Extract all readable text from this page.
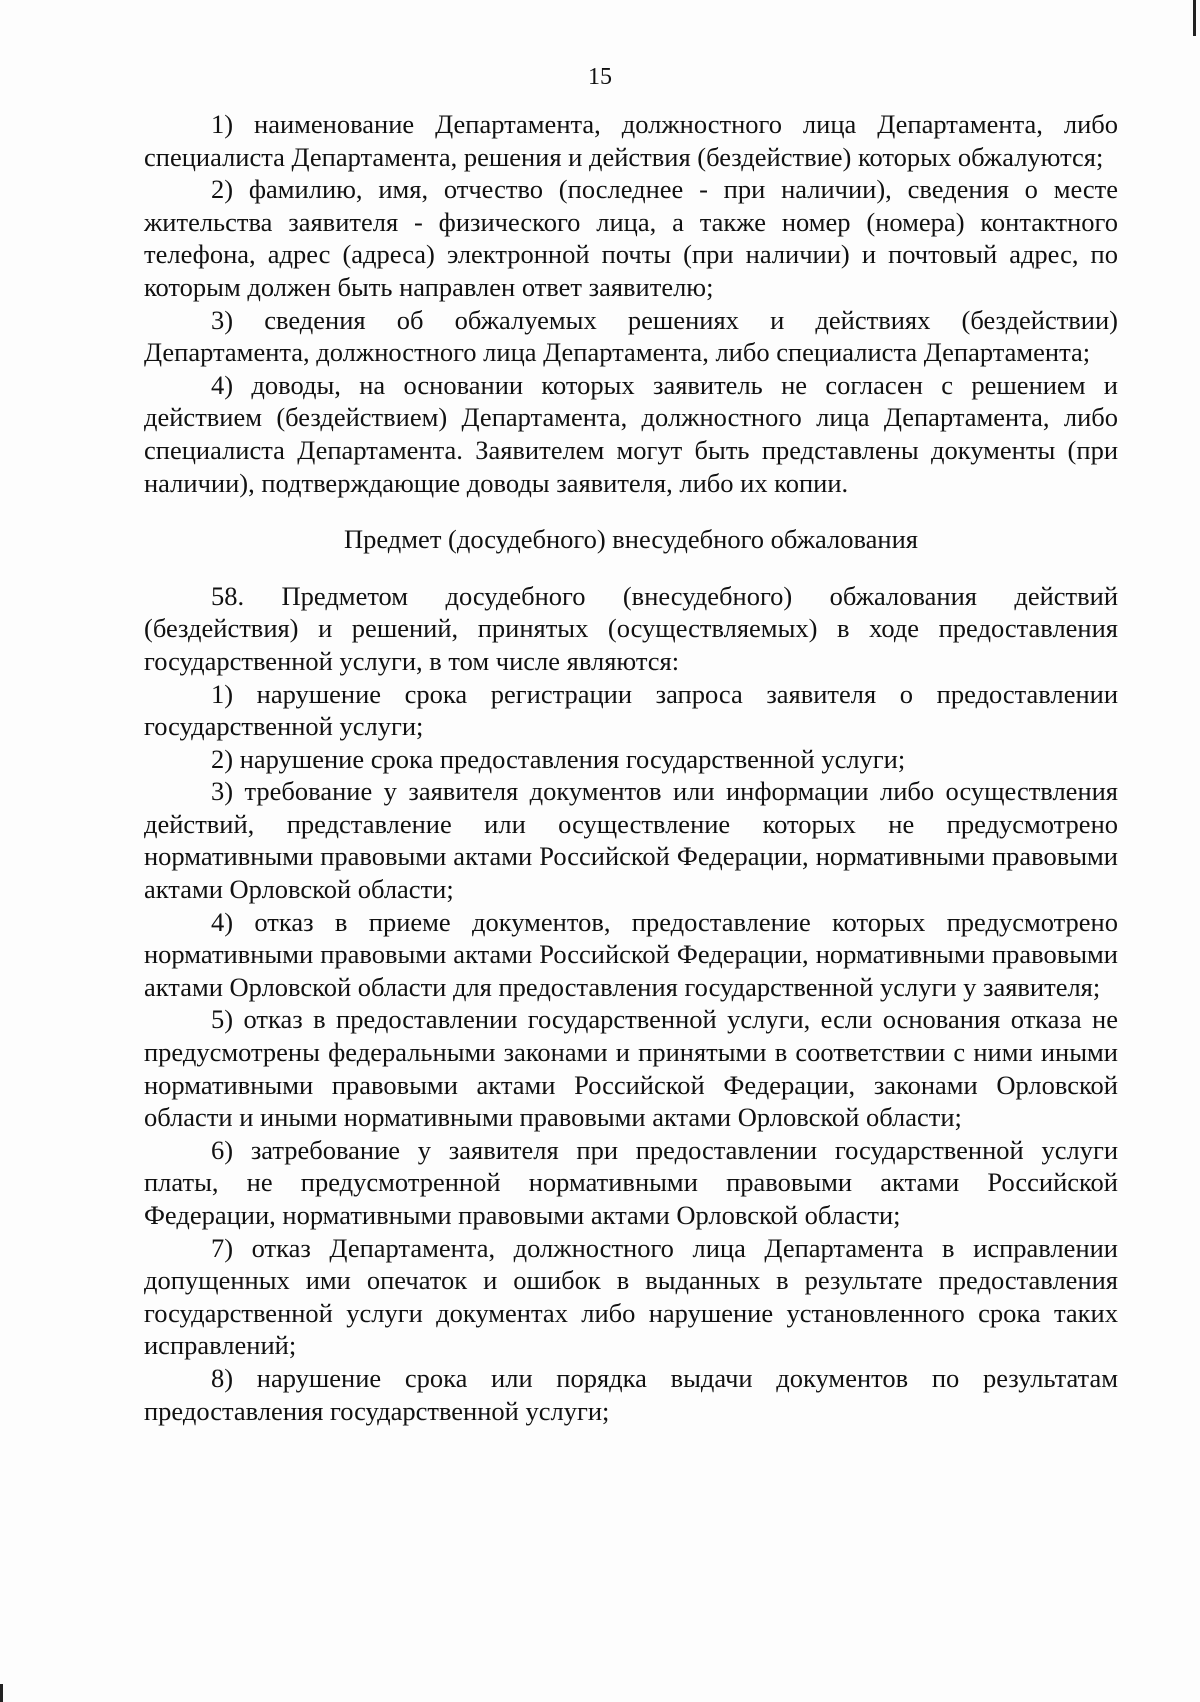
15

1) наименование Департамента, должностного лица Департамента, либо специалиста Департамента, решения и действия (бездействие) которых обжалуются;

2) фамилию, имя, отчество (последнее - при наличии), сведения о месте жительства заявителя - физического лица, а также номер (номера) контактного телефона, адрес (адреса) электронной почты (при наличии) и почтовый адрес, по которым должен быть направлен ответ заявителю;

3) сведения об обжалуемых решениях и действиях (бездействии) Департамента, должностного лица Департамента, либо специалиста Департамента;

4) доводы, на основании которых заявитель не согласен с решением и действием (бездействием) Департамента, должностного лица Департамента, либо специалиста Департамента. Заявителем могут быть представлены документы (при наличии), подтверждающие доводы заявителя, либо их копии.

Предмет (досудебного) внесудебного обжалования

58. Предметом досудебного (внесудебного) обжалования действий (бездействия) и решений, принятых (осуществляемых) в ходе предоставления государственной услуги, в том числе являются:

1) нарушение срока регистрации запроса заявителя о предоставлении государственной услуги;

2) нарушение срока предоставления государственной услуги;

3) требование у заявителя документов или информации либо осуществления действий, представление или осуществление которых не предусмотрено нормативными правовыми актами Российской Федерации, нормативными правовыми актами Орловской области;

4) отказ в приеме документов, предоставление которых предусмотрено нормативными правовыми актами Российской Федерации, нормативными правовыми актами Орловской области для предоставления государственной услуги у заявителя;

5) отказ в предоставлении государственной услуги, если основания отказа не предусмотрены федеральными законами и принятыми в соответствии с ними иными нормативными правовыми актами Российской Федерации, законами Орловской области и иными нормативными правовыми актами Орловской области;

6) затребование у заявителя при предоставлении государственной услуги платы, не предусмотренной нормативными правовыми актами Российской Федерации, нормативными правовыми актами Орловской области;

7) отказ Департамента, должностного лица Департамента в исправлении допущенных ими опечаток и ошибок в выданных в результате предоставления государственной услуги документах либо нарушение установленного срока таких исправлений;

8) нарушение срока или порядка выдачи документов по результатам предоставления государственной услуги;
